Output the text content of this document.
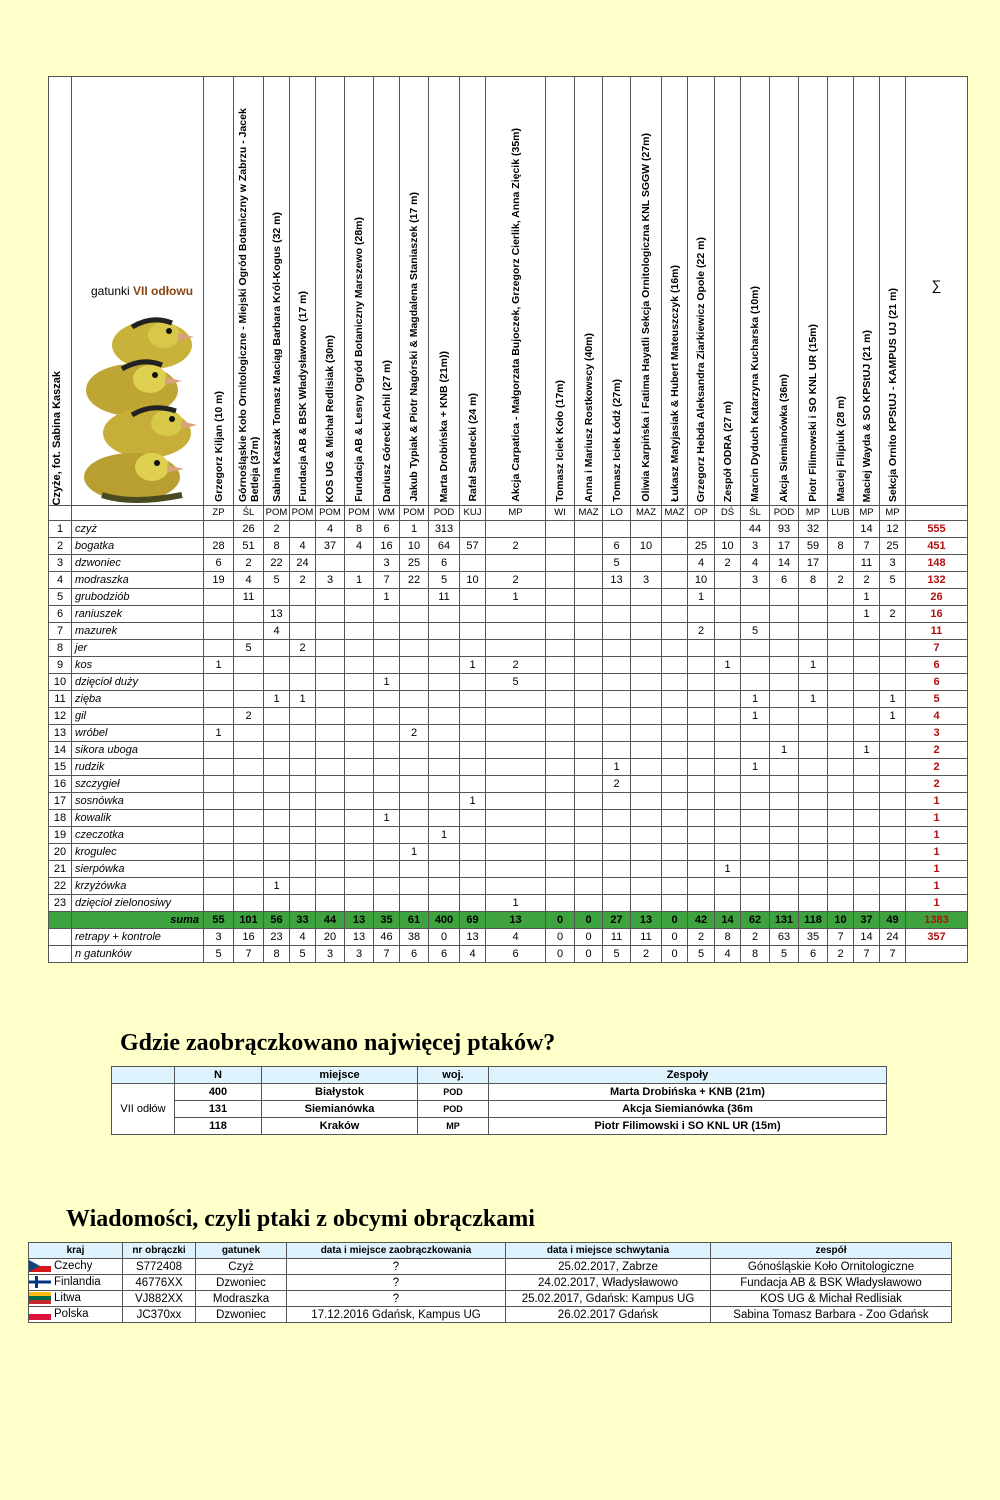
Czyże, fot. Sabina Kaszak	gatunki VII odłowu	Grzegorz Kiljan (10 m)	Górnośląskie Koło Ornitologiczne - Miejski Ogród Botaniczny w Zabrzu - Jacek Betleja (37m)	Sabina Kaszak Tomasz Maciąg Barbara Król-Kogus (32 m)	Fundacja AB & BSK Władysławowo (17 m)	KOS UG & Michał Redlisiak (30m)	Fundacja AB & Lesny Ogród Botaniczny Marszewo (28m)	Dariusz Górecki Achil (27 m)	Jakub Typiak & Piotr Nagórski & Magdalena Staniaszek (17 m)	Marta Drobińska + KNB (21m))	Rafał Sandecki (24 m)	Akcja Carpatica - Małgorzata Bujoczek, Grzegorz Cierlik, Anna Zięcik (35m)	Tomasz Iciek Koło (17m)	Anna i Mariusz Rostkowscy (40m)	Tomasz Iciek Łódź (27m)	Oliwia Karpińska i Fatima Hayatli Sekcja Ornitologiczna KNL SGGW (27m)	Łukasz Matyjasiak & Hubert Mateuszczyk (16m)	Grzegorz Hebda Aleksandra Ziarkiewicz Opole (22 m)	Zespół ODRA (27 m)	Marcin Dyduch Katarzyna Kucharska (10m)	Akcja Siemianówka (36m)	Piotr Filimowski i SO KNL UR (15m)	Maciej Filipiuk (28 m)	Maciej Wayda & SO KPStUJ (21 m)	Sekcja Ornito KPStUJ - KAMPUS UJ (21 m)	∑
		ZP	ŚL	POM	POM	POM	POM	WM	POM	POD	KUJ	MP	WI	MAZ	LO	MAZ	MAZ	OP	DŚ	ŚL	POD	MP	LUB	MP	MP	
1	czyż		26	2		4	8	6	1	313										44	93	32		14	12	555
2	bogatka	28	51	8	4	37	4	16	10	64	57	2			6	10		25	10	3	17	59	8	7	25	451
3	dzwoniec	6	2	22	24			3	25	6					5			4	2	4	14	17		11	3	148
4	modraszka	19	4	5	2	3	1	7	22	5	10	2			13	3		10		3	6	8	2	2	5	132
5	grubodziób		11					1		11		1						1						1		26
6	raniuszek			13																				1	2	16
7	mazurek			4														2		5						11
8	jer		5		2																					7
9	kos	1									1	2							1			1				6
10	dzięcioł duży							1				5														6
11	zięba			1	1															1		1			1	5
12	gil		2																	1					1	4
13	wróbel	1							2																	3
14	sikora uboga																				1			1		2
15	rudzik														1					1						2
16	szczygieł														2											2
17	sosnówka										1															1
18	kowalik							1																		1
19	czeczotka									1																1
20	krogulec								1																	1
21	sierpówka																		1							1
22	krzyżówka			1																						1
23	dzięcioł zielonosiwy											1														1
	suma	55	101	56	33	44	13	35	61	400	69	13	0	0	27	13	0	42	14	62	131	118	10	37	49	1383
	retrapy + kontrole	3	16	23	4	20	13	46	38	0	13	4	0	0	11	11	0	2	8	2	63	35	7	14	24	357
	n gatunków	5	7	8	5	3	3	7	6	6	4	6	0	0	5	2	0	5	4	8	5	6	2	7	7	
Gdzie zaobrączkowano najwięcej ptaków?
	N	miejsce	woj.	Zespoły
VII odłów	400	Białystok	POD	Marta Drobińska + KNB (21m)
	131	Siemianówka	POD	Akcja Siemianówka (36m
	118	Kraków	MP	Piotr Filimowski i SO KNL UR (15m)
Wiadomości, czyli ptaki z obcymi obrączkami
kraj	nr obrączki	gatunek	data i miejsce zaobrączkowania	data i miejsce schwytania	zespół
Czechy	S772408	Czyż	?	25.02.2017, Zabrze	Gónośląskie Koło Ornitologiczne
Finlandia	46776XX	Dzwoniec	?	24.02.2017, Władysławowo	Fundacja AB & BSK Władysławowo
Litwa	VJ882XX	Modraszka	?	25.02.2017, Gdańsk: Kampus UG	KOS UG & Michał Redlisiak
Polska	JC370xx	Dzwoniec	17.12.2016 Gdańsk, Kampus UG	26.02.2017 Gdańsk	Sabina Tomasz Barbara - Zoo Gdańsk
